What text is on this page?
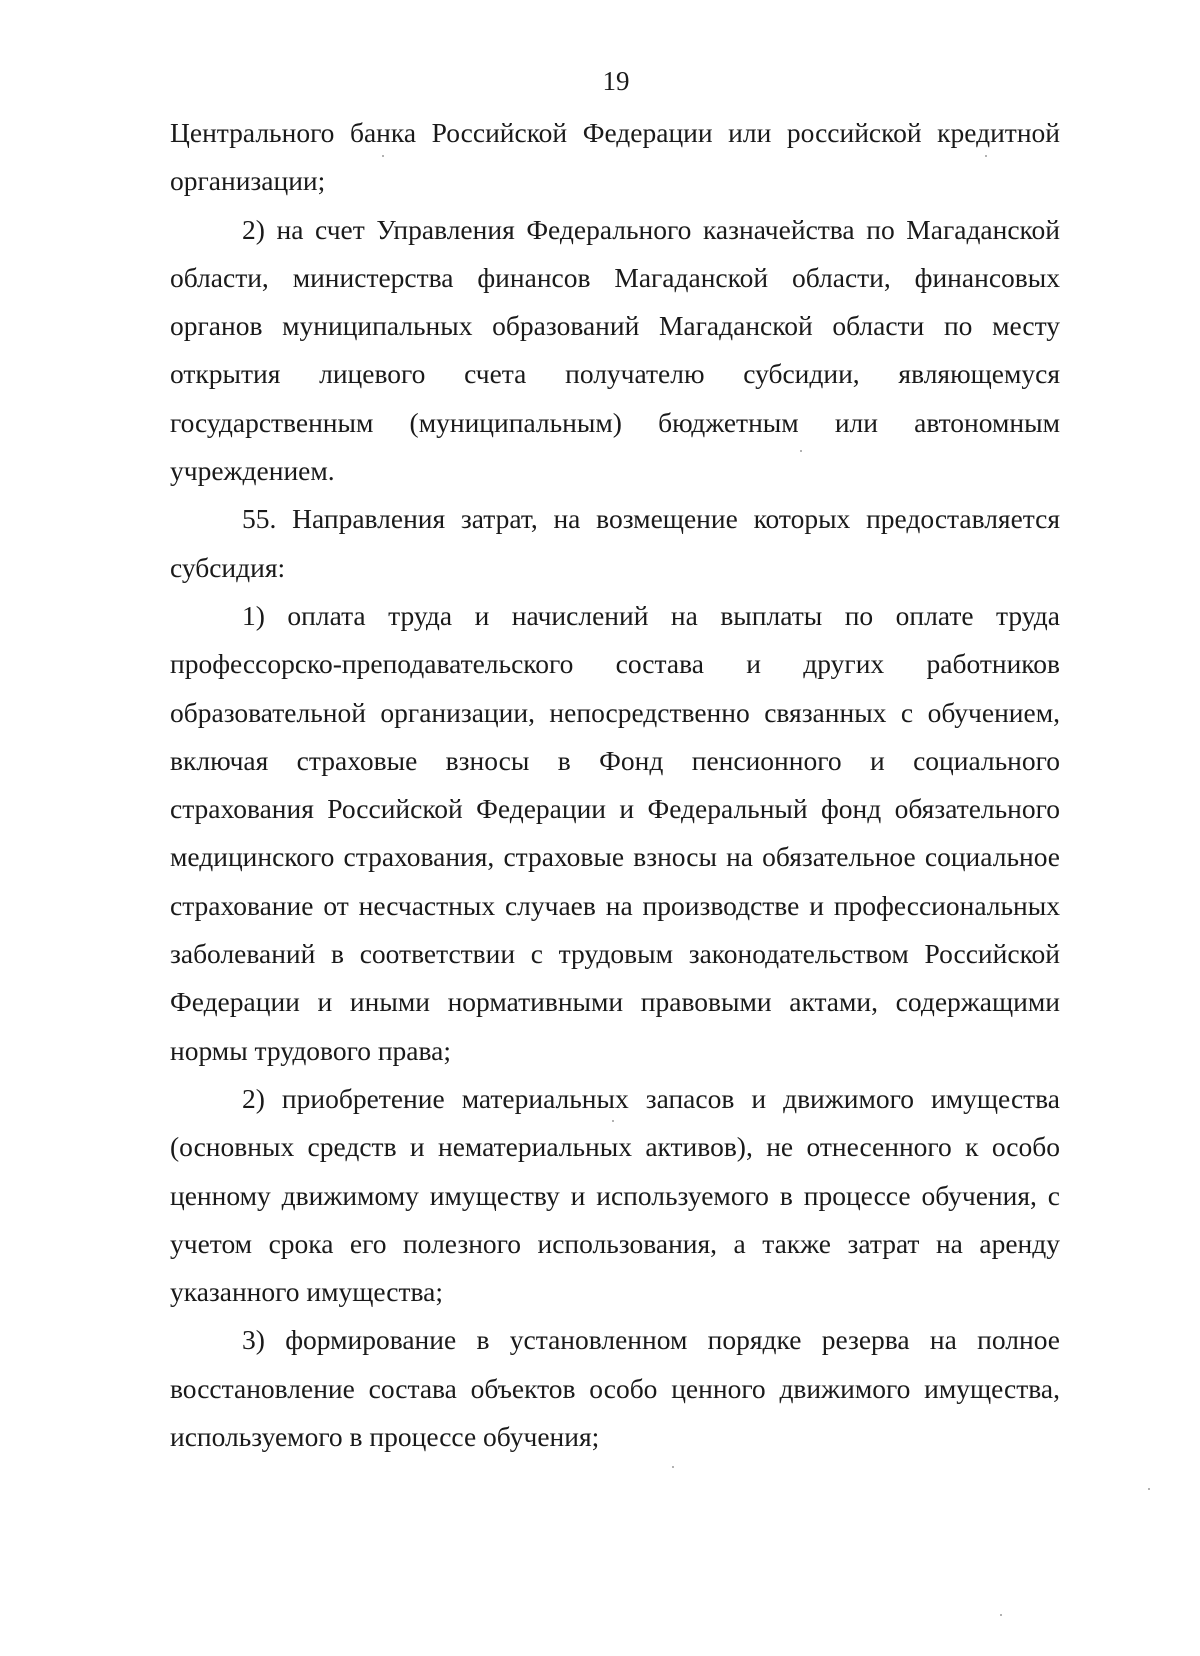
19

Центрального банка Российской Федерации или российской кредитной организации;

2) на счет Управления Федерального казначейства по Магаданской области, министерства финансов Магаданской области, финансовых органов муниципальных образований Магаданской области по месту открытия лицевого счета получателю субсидии, являющемуся государственным (муниципальным) бюджетным или автономным учреждением.

55. Направления затрат, на возмещение которых предоставляется субсидия:

1) оплата труда и начислений на выплаты по оплате труда профессорско-преподавательского состава и других работников образовательной организации, непосредственно связанных с обучением, включая страховые взносы в Фонд пенсионного и социального страхования Российской Федерации и Федеральный фонд обязательного медицинского страхования, страховые взносы на обязательное социальное страхование от несчастных случаев на производстве и профессиональных заболеваний в соответствии с трудовым законодательством Российской Федерации и иными нормативными правовыми актами, содержащими нормы трудового права;

2) приобретение материальных запасов и движимого имущества (основных средств и нематериальных активов), не отнесенного к особо ценному движимому имуществу и используемого в процессе обучения, с учетом срока его полезного использования, а также затрат на аренду указанного имущества;

3) формирование в установленном порядке резерва на полное восстановление состава объектов особо ценного движимого имущества, используемого в процессе обучения;
